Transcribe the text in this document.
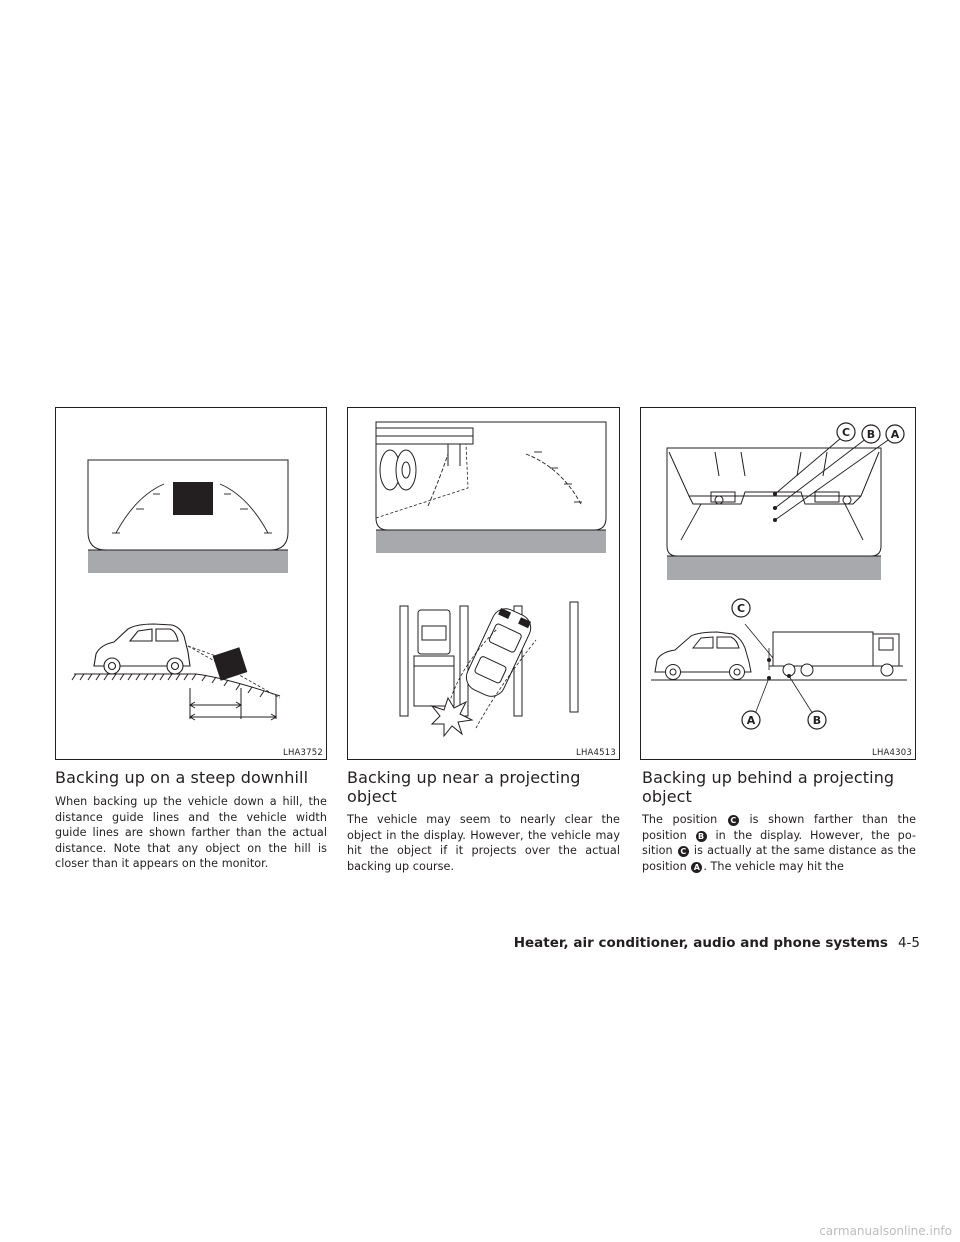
LHA3752	LHA4513
C B A
C
A	B
LHA4303
Backing up on a steep downhill

When backing up the vehicle down a hill, the distance guide lines and the vehicle width guide lines are shown farther than the actual distance. Note that any object on the hill is closer than it appears on the monitor.

Backing up near a projecting object

The vehicle may seem to nearly clear the object in the display. However, the vehicle may hit the object if it projects over the actual backing up course.

Backing up behind a projecting object

The position C is shown farther than the position B in the display. However, the po-sition C is actually at the same distance as the position A . The vehicle may hit the

Heater, air conditioner, audio and phone systems 4-5
carmanualsonline.info
